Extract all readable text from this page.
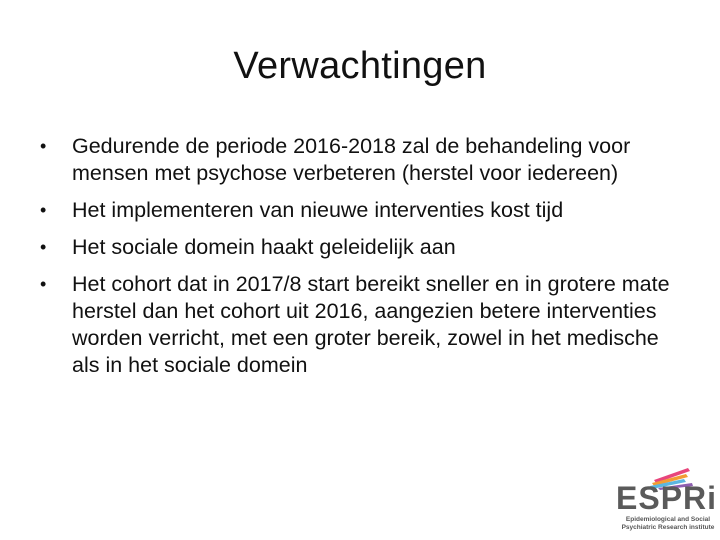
Verwachtingen
• Gedurende de periode 2016-2018 zal de behandeling voor mensen met psychose verbeteren (herstel voor iedereen)
• Het implementeren van nieuwe interventies kost tijd
• Het sociale domein haakt geleidelijk aan
• Het cohort dat in 2017/8 start bereikt sneller en in grotere mate herstel dan het cohort uit 2016, aangezien betere interventies worden verricht, met een groter bereik, zowel in het medische als in het sociale domein
ESPRi
Epidemiological and Social
Psychiatric Research institute
